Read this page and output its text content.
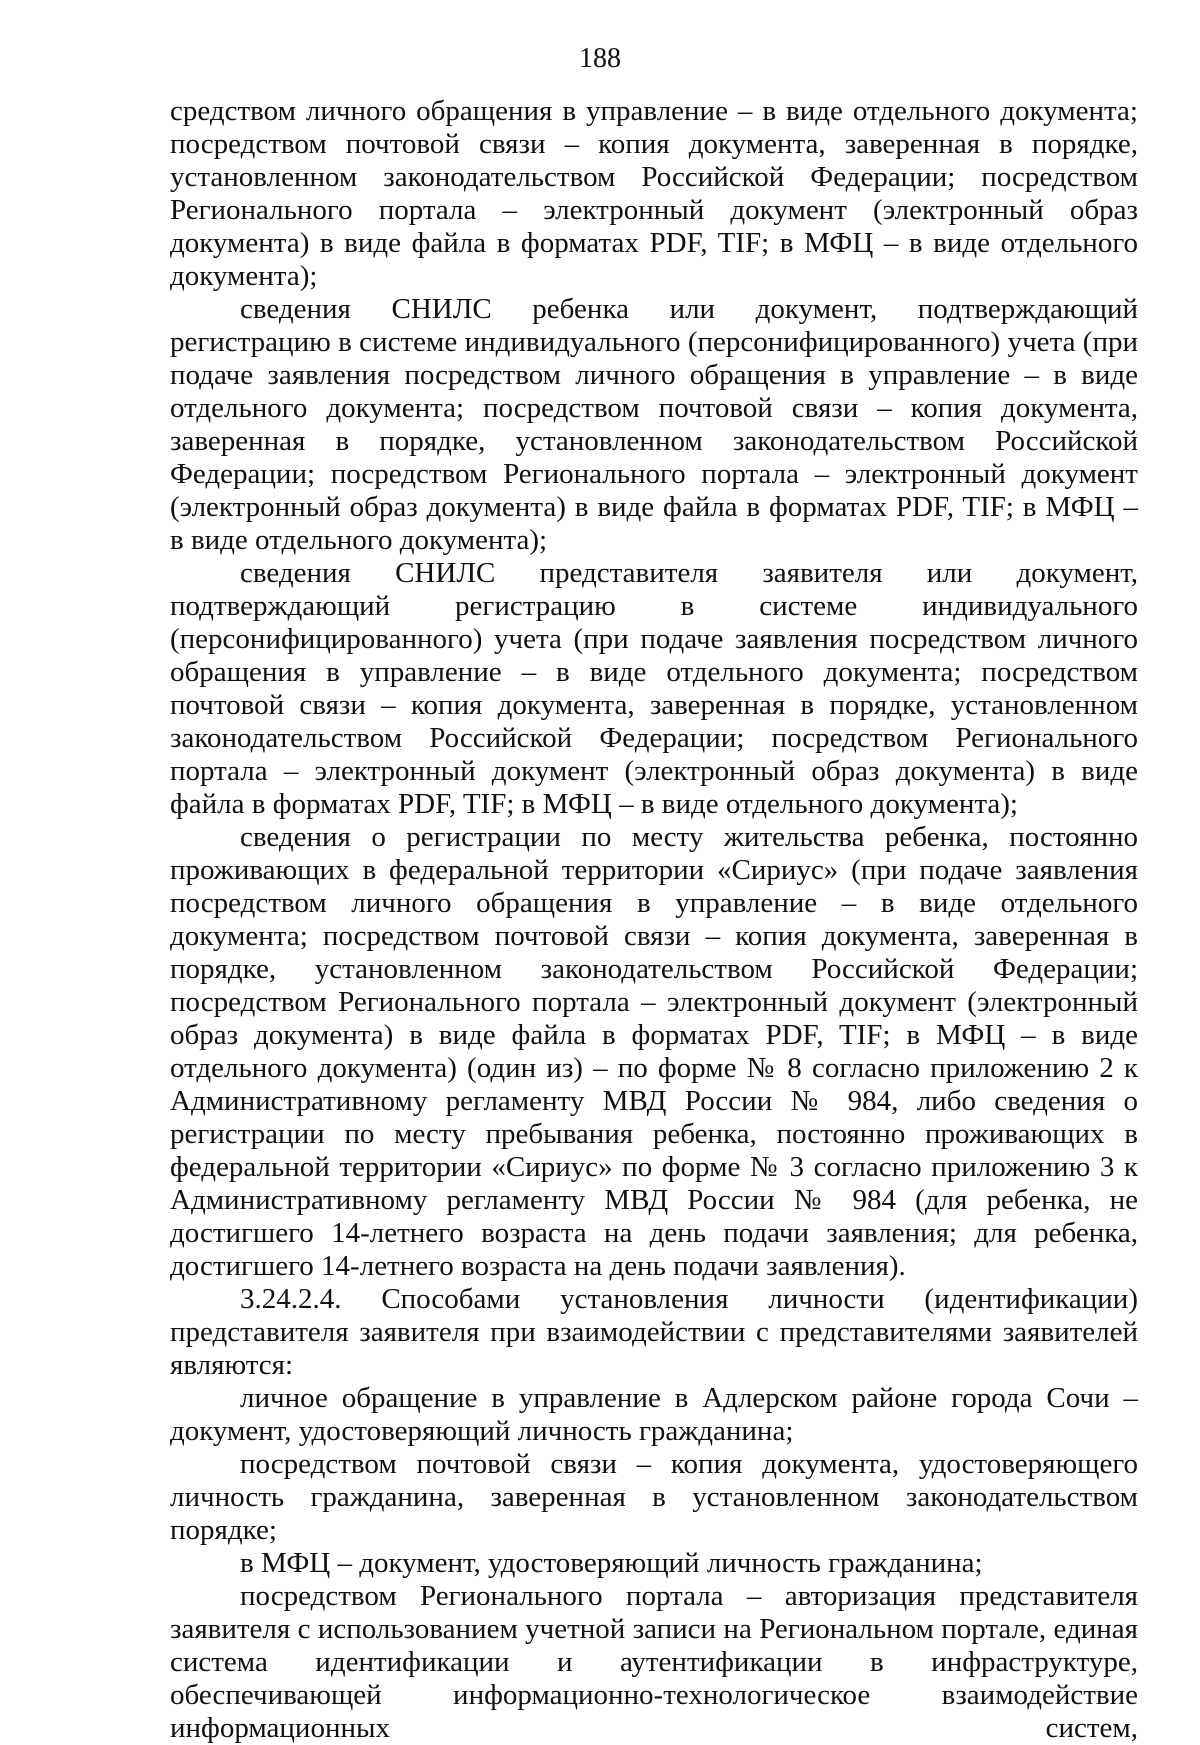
188

средством личного обращения в управление – в виде отдельного документа; посредством почтовой связи – копия документа, заверенная в порядке, установленном законодательством Российской Федерации; посредством Регионального портала – электронный документ (электронный образ документа) в виде файла в форматах PDF, TIF; в МФЦ – в виде отдельного документа);

сведения СНИЛС ребенка или документ, подтверждающий регистрацию в системе индивидуального (персонифицированного) учета (при подаче заявления посредством личного обращения в управление – в виде отдельного документа; посредством почтовой связи – копия документа, заверенная в порядке, установленном законодательством Российской Федерации; посредством Регионального портала – электронный документ (электронный образ документа) в виде файла в форматах PDF, TIF; в МФЦ – в виде отдельного документа);

сведения СНИЛС представителя заявителя или документ, подтверждающий регистрацию в системе индивидуального (персонифицированного) учета (при подаче заявления посредством личного обращения в управление – в виде отдельного документа; посредством почтовой связи – копия документа, заверенная в порядке, установленном законодательством Российской Федерации; посредством Регионального портала – электронный документ (электронный образ документа) в виде файла в форматах PDF, TIF; в МФЦ – в виде отдельного документа);

сведения о регистрации по месту жительства ребенка, постоянно проживающих в федеральной территории «Сириус» (при подаче заявления посредством личного обращения в управление – в виде отдельного документа; посредством почтовой связи – копия документа, заверенная в порядке, установленном законодательством Российской Федерации; посредством Регионального портала – электронный документ (электронный образ документа) в виде файла в форматах PDF, TIF; в МФЦ – в виде отдельного документа) (один из) – по форме № 8 согласно приложению 2 к Административному регламенту МВД России № 984, либо сведения о регистрации по месту пребывания ребенка, постоянно проживающих в федеральной территории «Сириус» по форме № 3 согласно приложению 3 к Административному регламенту МВД России № 984 (для ребенка, не достигшего 14-летнего возраста на день подачи заявления; для ребенка, достигшего 14-летнего возраста на день подачи заявления).

3.24.2.4. Способами установления личности (идентификации) представителя заявителя при взаимодействии с представителями заявителей являются:

личное обращение в управление в Адлерском районе города Сочи – документ, удостоверяющий личность гражданина;

посредством почтовой связи – копия документа, удостоверяющего личность гражданина, заверенная в установленном законодательством порядке;

в МФЦ – документ, удостоверяющий личность гражданина;

посредством Регионального портала – авторизация представителя заявителя с использованием учетной записи на Региональном портале, единая система идентификации и аутентификации в инфраструктуре, обеспечивающей информационно-технологическое взаимодействие информационных систем,
